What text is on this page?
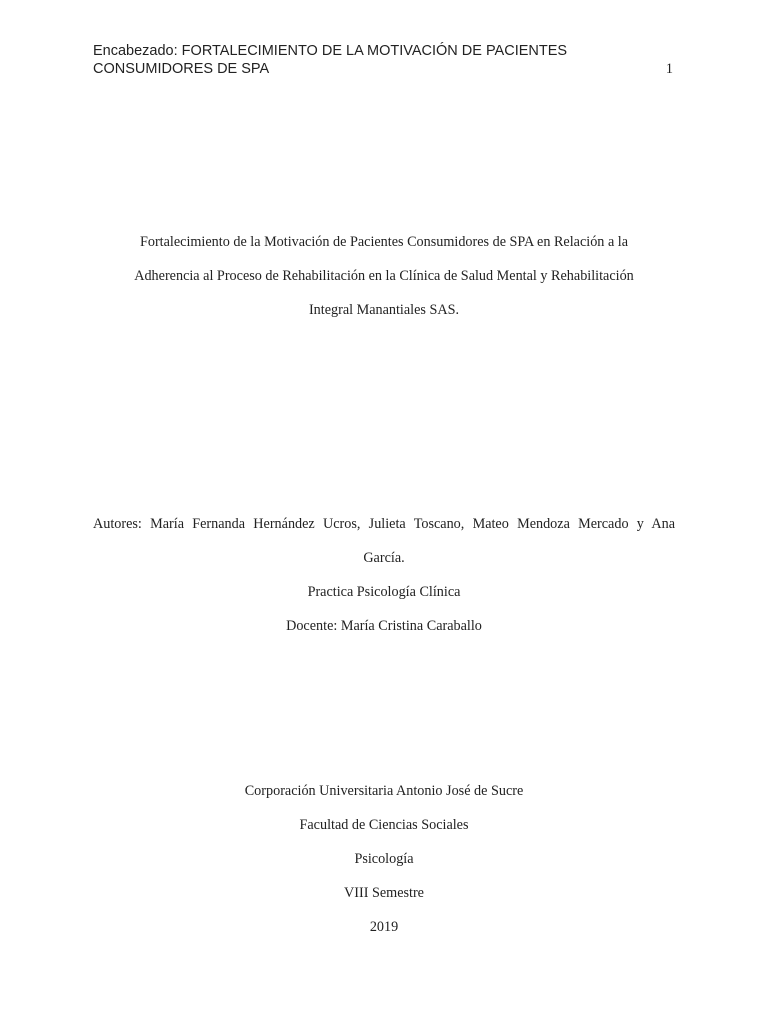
Encabezado: FORTALECIMIENTO DE LA MOTIVACIÓN DE PACIENTES
CONSUMIDORES DE SPA	1
Fortalecimiento de la Motivación de Pacientes Consumidores de SPA en Relación a la
Adherencia al Proceso de Rehabilitación en la Clínica de Salud Mental y Rehabilitación
Integral Manantiales SAS.
Autores: María Fernanda Hernández Ucros, Julieta Toscano, Mateo Mendoza Mercado y Ana
García.
Practica Psicología Clínica
Docente: María Cristina Caraballo
Corporación Universitaria Antonio José de Sucre
Facultad de Ciencias Sociales
Psicología
VIII Semestre
2019
